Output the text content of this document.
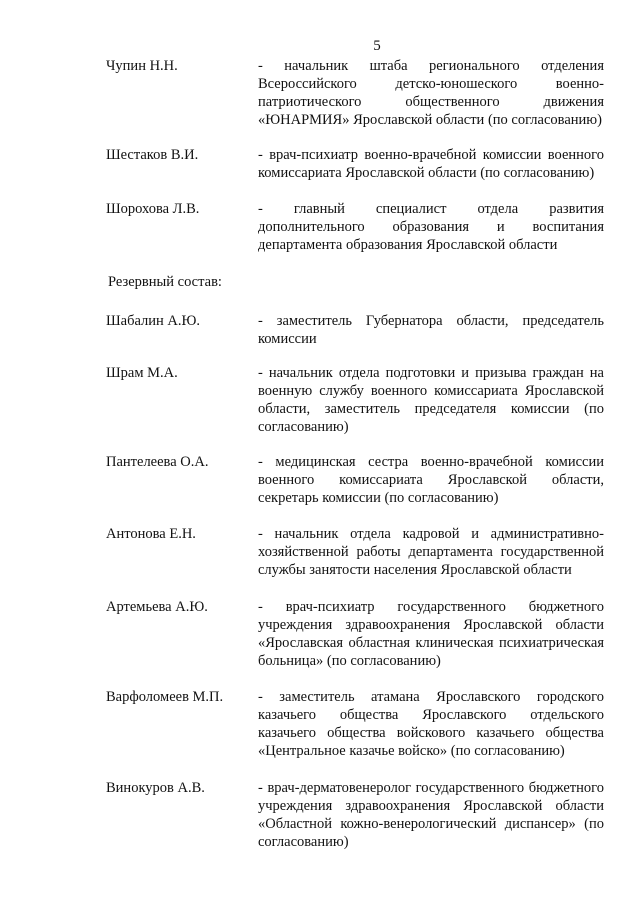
5
Чупин Н.Н.	- начальник штаба регионального отделения Всероссийского детско-юношеского военно-патриотического общественного движения «ЮНАРМИЯ» Ярославской области (по согласованию)
Шестаков В.И.	- врач-психиатр военно-врачебной комиссии военного комиссариата Ярославской области (по согласованию)
Шорохова Л.В.	- главный специалист отдела развития дополнительного образования и воспитания департамента образования Ярославской области
Резервный состав:
Шабалин А.Ю.	- заместитель Губернатора области, председатель комиссии
Шрам М.А.	- начальник отдела подготовки и призыва граждан на военную службу военного комиссариата Ярославской области, заместитель председателя комиссии (по согласованию)
Пантелеева О.А.	- медицинская сестра военно-врачебной комиссии военного комиссариата Ярославской области, секретарь комиссии (по согласованию)
Антонова Е.Н.	- начальник отдела кадровой и административно-хозяйственной работы департамента государственной службы занятости населения Ярославской области
Артемьева А.Ю.	- врач-психиатр государственного бюджетного учреждения здравоохранения Ярославской области «Ярославская областная клиническая психиатрическая больница» (по согласованию)
Варфоломеев М.П.	- заместитель атамана Ярославского городского казачьего общества Ярославского отдельского казачьего общества войскового казачьего общества «Центральное казачье войско» (по согласованию)
Винокуров А.В.	- врач-дерматовенеролог государственного бюджетного учреждения здравоохранения Ярославской области «Областной кожно-венерологический диспансер» (по согласованию)
